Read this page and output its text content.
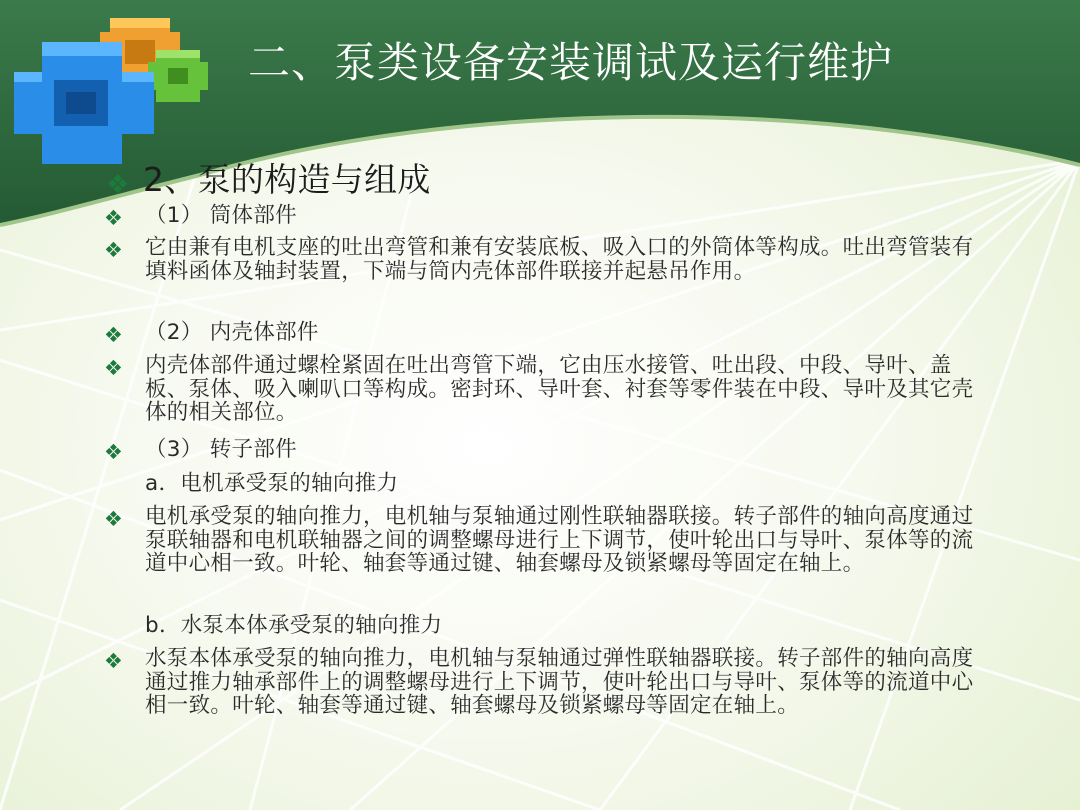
二、泵类设备安装调试及运行维护
❖ 2、泵的构造与组成
❖	（1） 筒体部件
❖	它由兼有电机支座的吐出弯管和兼有安装底板、吸入口的外筒体等构成。吐出弯管装有填料函体及轴封装置，下端与筒内壳体部件联接并起悬吊作用。
❖	（2） 内壳体部件
❖	内壳体部件通过螺栓紧固在吐出弯管下端，它由压水接管、吐出段、中段、导叶、盖板、泵体、吸入喇叭口等构成。密封环、导叶套、衬套等零件装在中段、导叶及其它壳体的相关部位。
❖	（3） 转子部件
a．电机承受泵的轴向推力
❖	电机承受泵的轴向推力，电机轴与泵轴通过刚性联轴器联接。转子部件的轴向高度通过泵联轴器和电机联轴器之间的调整螺母进行上下调节，使叶轮出口与导叶、泵体等的流道中心相一致。叶轮、轴套等通过键、轴套螺母及锁紧螺母等固定在轴上。
b．水泵本体承受泵的轴向推力
❖	水泵本体承受泵的轴向推力，电机轴与泵轴通过弹性联轴器联接。转子部件的轴向高度通过推力轴承部件上的调整螺母进行上下调节，使叶轮出口与导叶、泵体等的流道中心相一致。叶轮、轴套等通过键、轴套螺母及锁紧螺母等固定在轴上。
